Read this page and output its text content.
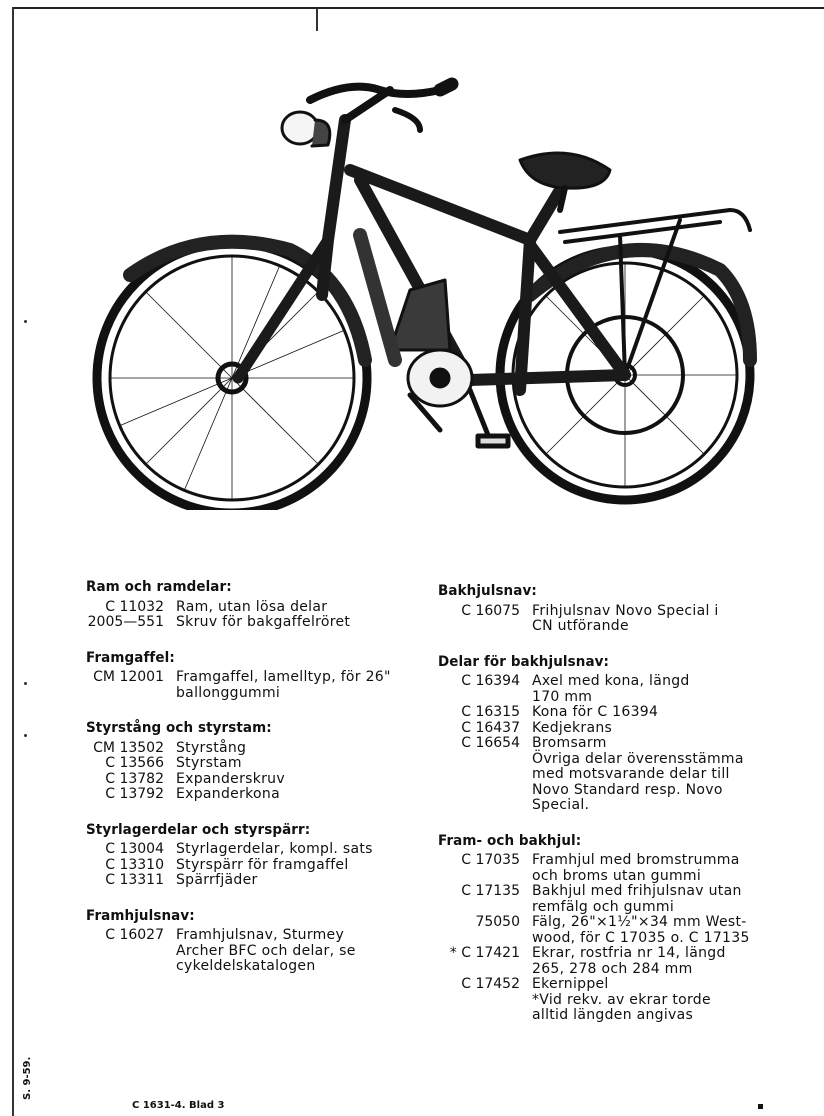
Ram och ramdelar:
C 11032 Ram, utan lösa delar
2005—551 Skruv för bakgaffelröret
Framgaffel:
CM 12001 Framgaffel, lamelltyp, för 26"
ballonggummi
Styrstång och styrstam:
CM 13502 Styrstång
C 13566 Styrstam
C 13782 Expanderskruv
C 13792 Expanderkona
Styrlagerdelar och styrspärr:
C 13004 Styrlagerdelar, kompl. sats
C 13310 Styrspärr för framgaffel
C 13311 Spärrfjäder
Framhjulsnav:
C 16027 Framhjulsnav, Sturmey
Archer BFC och delar, se
cykeldelskatalogen
Bakhjulsnav:
C 16075 Frihjulsnav Novo Special i
CN utförande
Delar för bakhjulsnav:
C 16394 Axel med kona, längd
170 mm
C 16315 Kona för C 16394
C 16437 Kedjekrans
C 16654 Bromsarm
Övriga delar överensstämma
med motsvarande delar till
Novo Standard resp. Novo
Special.
Fram- och bakhjul:
C 17035 Framhjul med bromstrumma
och broms utan gummi
C 17135 Bakhjul med frihjulsnav utan
remfälg och gummi
75050 Fälg, 26"×1½"×34 mm West-
wood, för C 17035 o. C 17135
* C 17421 Ekrar, rostfria nr 14, längd
265, 278 och 284 mm
C 17452 Ekernippel
*Vid rekv. av ekrar torde
alltid längden angivas
S. 9-59.
C 1631-4. Blad 3
